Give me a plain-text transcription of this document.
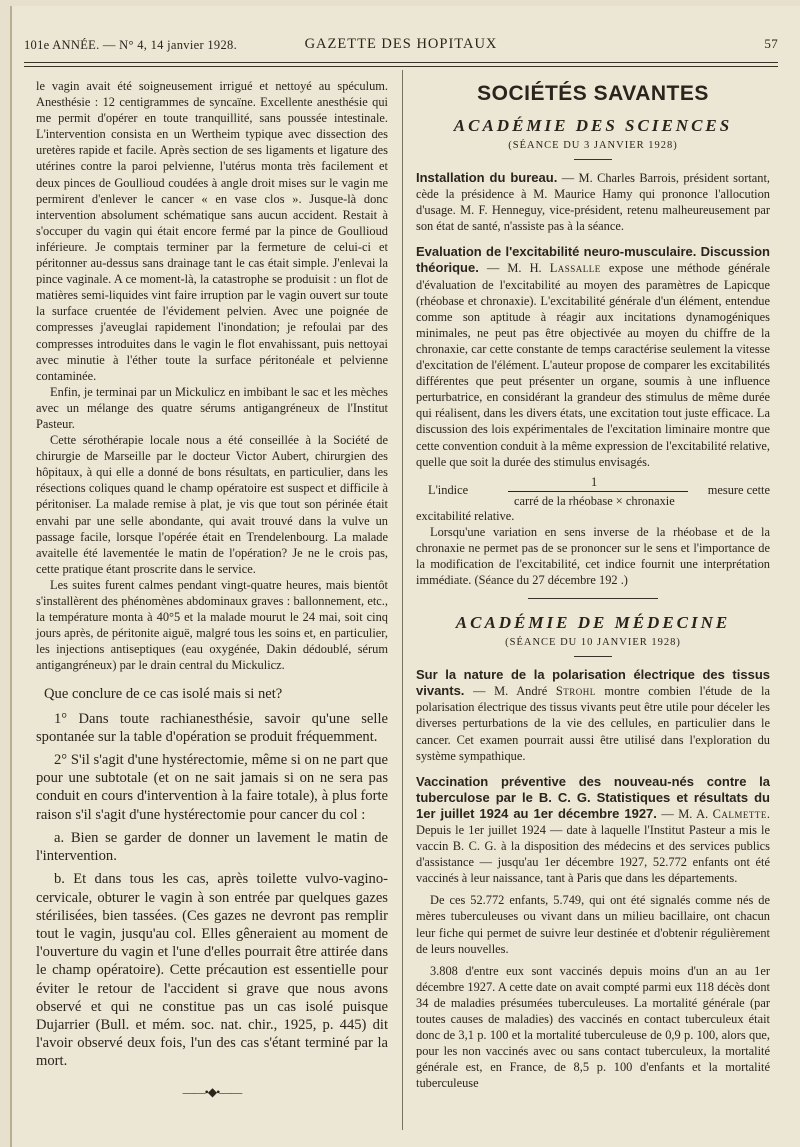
101e ANNÉE. — N° 4, 14 janvier 1928.	GAZETTE DES HOPITAUX	57

le vagin avait été soigneusement irrigué et nettoyé au spéculum. Anesthésie : 12 centigrammes de syncaïne. Excellente anesthésie qui me permit d'opérer en toute tranquillité, sans poussée intestinale. L'intervention consista en un Wertheim typique avec dissection des uretères rapide et facile. Après section de ses ligaments et ligature des utérines contre la paroi pelvienne, l'utérus monta très facilement et deux pinces de Goullioud coudées à angle droit mises sur le vagin me permirent d'enlever le cancer « en vase clos ». Jusque-là donc intervention absolument schématique sans aucun accident. Restait à s'occuper du vagin qui était encore fermé par la pince de Goullioud inférieure. Je comptais terminer par la fermeture de celui-ci et péritonner au-dessus sans drainage tant le cas était simple. J'enlevai la pince vaginale. A ce moment-là, la catastrophe se produisit : un flot de matières semi-liquides vint faire irruption par le vagin ouvert sur toute la surface cruentée de l'évidement pelvien. Avec une poignée de compresses j'aveuglai rapidement l'inondation; je refoulai par des compresses introduites dans le vagin le flot envahissant, puis nettoyai avec minutie à l'éther toute la surface péritonéale et pelvienne contaminée.

Enfin, je terminai par un Mickulicz en imbibant le sac et les mèches avec un mélange des quatre sérums antigangréneux de l'Institut Pasteur.

Cette sérothérapie locale nous a été conseillée à la Société de chirurgie de Marseille par le docteur Victor Aubert, chirurgien des hôpitaux, à qui elle a donné de bons résultats, en particulier, dans les résections coliques quand le champ opératoire est suspect et difficile à péritoniser. La malade remise à plat, je vis que tout son périnée était envahi par une selle abondante, qui avait trouvé dans la vulve un passage facile, lorsque l'opérée était en Trendelenbourg. La malade avaitelle été lavementée le matin de l'opération? Je ne le crois pas, cette pratique étant proscrite dans le service.

Les suites furent calmes pendant vingt-quatre heures, mais bientôt s'installèrent des phénomènes abdominaux graves : ballonnement, etc., la température monta à 40°5 et la malade mourut le 24 mai, soit cinq jours après, de péritonite aiguë, malgré tous les soins et, en particulier, les injections antiseptiques (eau oxygénée, Dakin dédoublé, sérum antigangréneux) par le drain central du Mickulicz.

Que conclure de ce cas isolé mais si net?

1° Dans toute rachianesthésie, savoir qu'une selle spontanée sur la table d'opération se produit fréquemment.

2° S'il s'agit d'une hystérectomie, même si on ne part que pour une subtotale (et on ne sait jamais si on ne sera pas conduit en cours d'intervention à la faire totale), à plus forte raison s'il s'agit d'une hystérectomie pour cancer du col :

a. Bien se garder de donner un lavement le matin de l'intervention.

b. Et dans tous les cas, après toilette vulvo-vagino-cervicale, obturer le vagin à son entrée par quelques gazes stérilisées, bien tassées. (Ces gazes ne devront pas remplir tout le vagin, jusqu'au col. Elles gêneraient au moment de l'ouverture du vagin et l'une d'elles pourrait être attirée dans le champ opératoire). Cette précaution est essentielle pour éviter le retour de l'accident si grave que nous avons observé et qui ne constitue pas un cas isolé puisque Dujarrier (Bull. et mém. soc. nat. chir., 1925, p. 445) dit l'avoir observé deux fois, l'un des cas s'étant terminé par la mort.

——•◆•——
SOCIÉTÉS SAVANTES
ACADÉMIE DES SCIENCES
(SÉANCE DU 3 JANVIER 1928)

Installation du bureau. — M. Charles Barrois, président sortant, cède la présidence à M. Maurice Hamy qui prononce l'allocution d'usage. M. F. Henneguy, vice-président, retenu malheureusement par son état de santé, n'assiste pas à la séance.

Evaluation de l'excitabilité neuro-musculaire. Discussion théorique. — M. H. Lassalle expose une méthode générale d'évaluation de l'excitabilité au moyen des paramètres de Lapicque (rhéobase et chronaxie). L'excitabilité générale d'un élément, entendue comme son aptitude à réagir aux incitations dynamogéniques minimales, ne peut pas être objectivée au moyen du chiffre de la chronaxie, car cette constante de temps caractérise seulement la vitesse d'excitation de l'élément. L'auteur propose de comparer les excitabilités différentes que peut présenter un organe, soumis à une influence perturbatrice, en considérant la grandeur des stimulus de même durée qui réalisent, dans les divers états, une excitation tout juste efficace. La discussion des lois expérimentales de l'excitation liminaire montre que cette convention conduit à la même expression de l'excitabilité relative, quelle que soit la durée des stimulus envisagés.

L'indice
1
carré de la rhéobase × chronaxie
mesure cette

excitabilité relative.

Lorsqu'une variation en sens inverse de la rhéobase et de la chronaxie ne permet pas de se prononcer sur le sens et l'importance de la modification de l'excitabilité, cet indice fournit une interprétation immédiate. (Séance du 27 décembre 192 .)

ACADÉMIE DE MÉDECINE
(SÉANCE DU 10 JANVIER 1928)

Sur la nature de la polarisation électrique des tissus vivants. — M. André Strohl montre combien l'étude de la polarisation électrique des tissus vivants peut être utile pour déceler les diverses perturbations de la vie des cellules, en particulier dans le cancer. Cet examen pourrait aussi être utilisé dans l'exploration du système sympathique.

Vaccination préventive des nouveau-nés contre la tuberculose par le B. C. G. Statistiques et résultats du 1er juillet 1924 au 1er décembre 1927. — M. A. Calmette. Depuis le 1er juillet 1924 — date à laquelle l'Institut Pasteur a mis le vaccin B. C. G. à la disposition des médecins et des services publics d'assistance — jusqu'au 1er décembre 1927, 52.772 enfants ont été vaccinés à leur naissance, tant à Paris que dans les départements.

De ces 52.772 enfants, 5.749, qui ont été signalés comme nés de mères tuberculeuses ou vivant dans un milieu bacillaire, ont chacun leur fiche qui permet de suivre leur destinée et d'obtenir régulièrement de leurs nouvelles.

3.808 d'entre eux sont vaccinés depuis moins d'un an au 1er décembre 1927. A cette date on avait compté parmi eux 118 décès dont 34 de maladies présumées tuberculeuses. La mortalité générale (par toutes causes de maladies) des vaccinés en contact tuberculeux était donc de 3,1 p. 100 et la mortalité tuberculeuse de 0,9 p. 100, alors que, pour les non vaccinés avec ou sans contact tuberculeux, la mortalité générale est, en France, de 8,5 p. 100 d'enfants et la mortalité tuberculeuse
